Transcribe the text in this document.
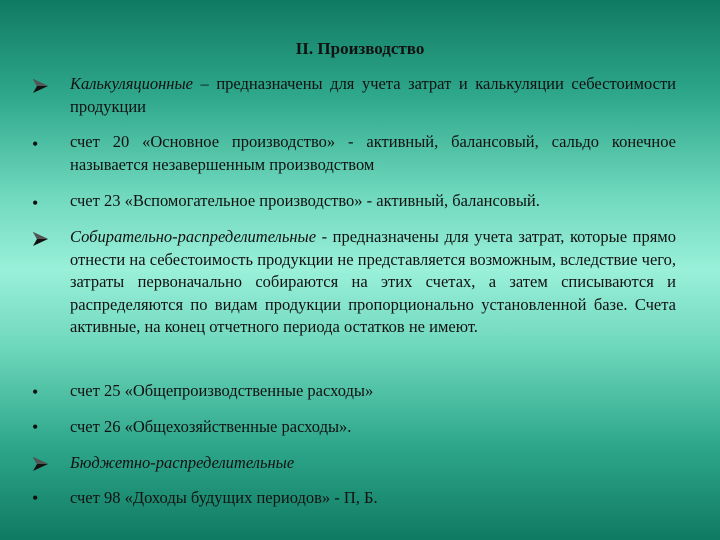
II. Производство
Калькуляционные – предназначены для учета затрат и калькуляции себестоимости продукции
• счет 20 «Основное производство» - активный, балансовый, сальдо конечное называется незавершенным производством
• счет 23 «Вспомогательное производство» - активный, балансовый.
Собирательно-распределительные - предназначены для учета затрат, которые прямо отнести на себестоимость продукции не представляется возможным, вследствие чего, затраты первоначально собираются на этих счетах, а затем списываются и распределяются по видам продукции пропорционально установленной базе. Счета активные, на конец отчетного периода остатков не имеют.
• счет 25 «Общепроизводственные расходы»
• счет 26 «Общехозяйственные расходы».
Бюджетно-распределительные
• счет 98 «Доходы будущих периодов» - П, Б.
